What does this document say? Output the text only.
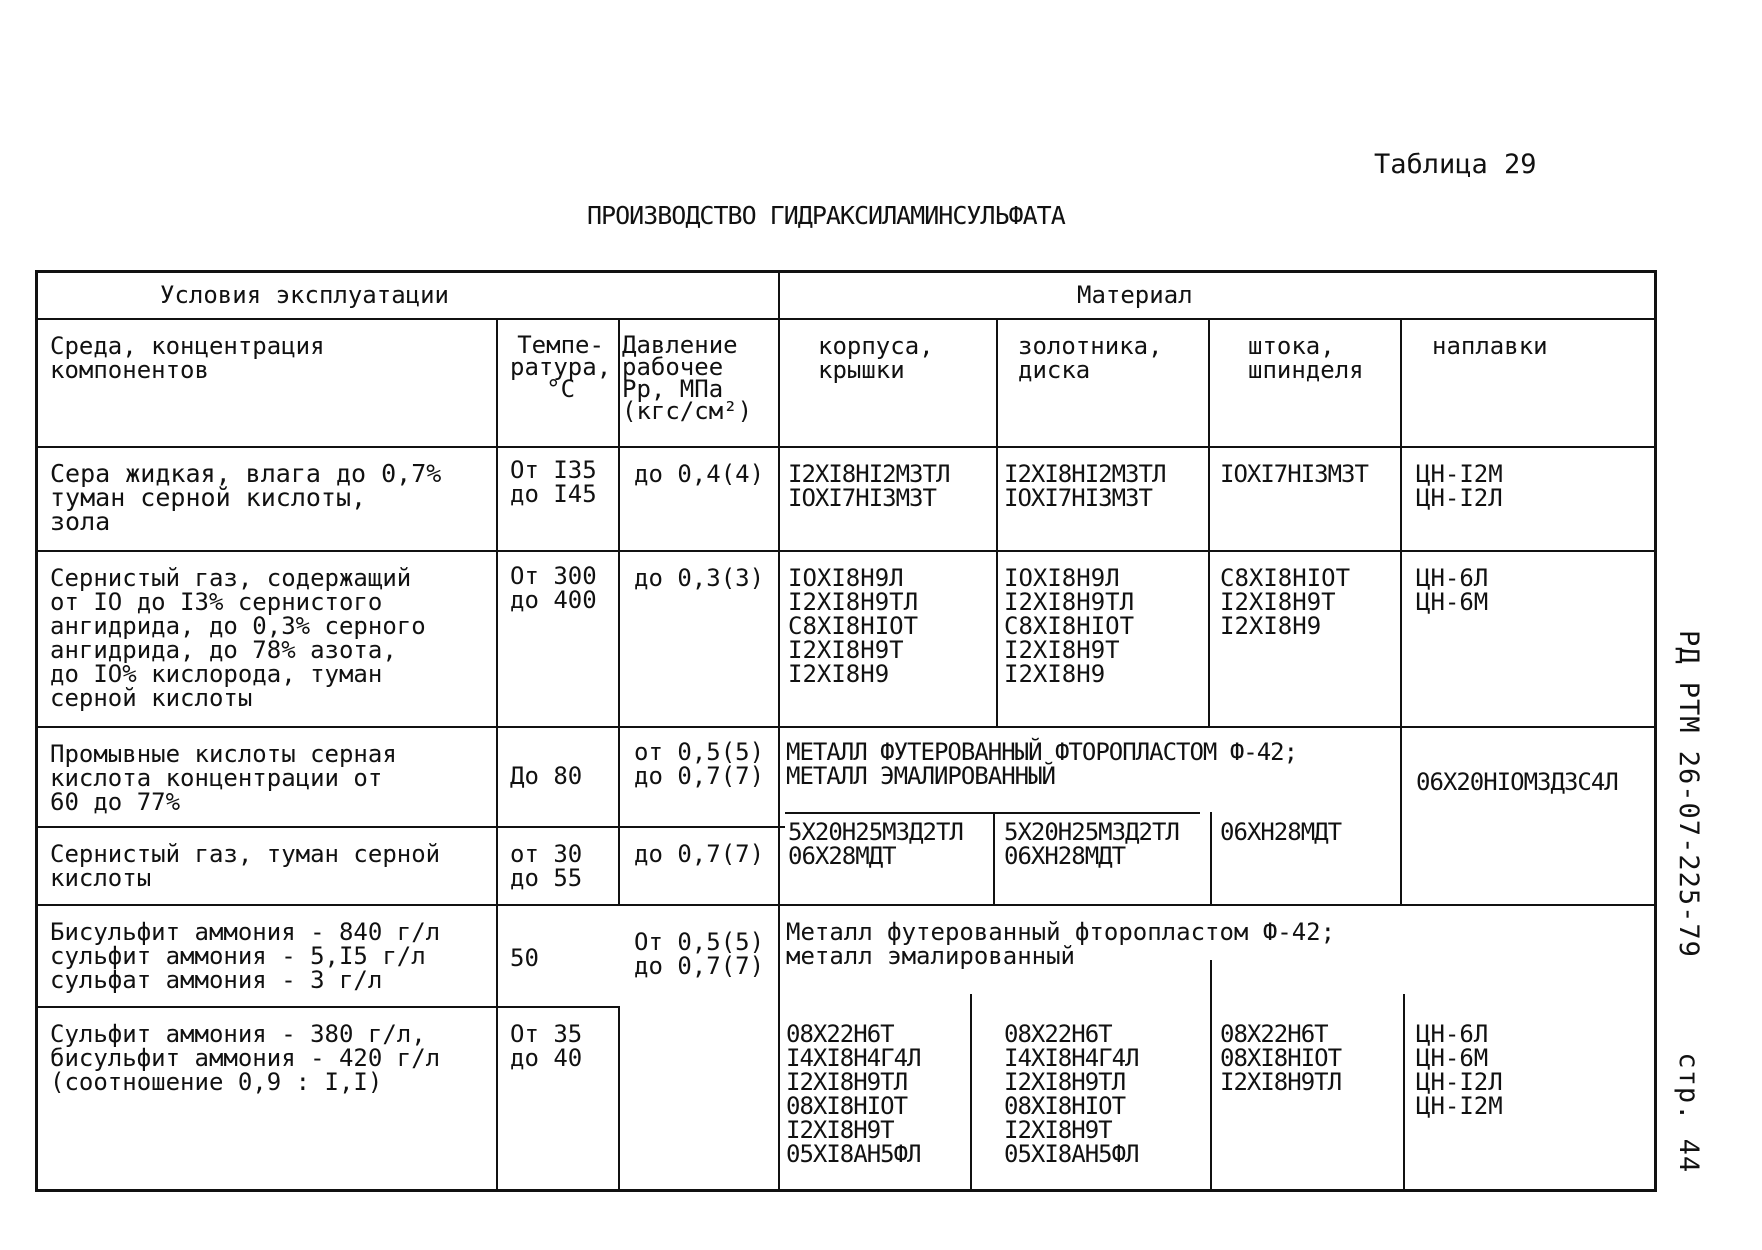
Таблица 29
ПРОИЗВОДСТВО ГИДРАКСИЛАМИНСУЛЬФАТА
Условия эксплуатации	Материал
Среда, концентрация
компонентов
Темпе-
ратура,
°С
Давление
рабочее
Рр, МПа
(кгс/см²)
корпуса,
крышки
золотника,
диска
штока,
шпинделя
наплавки
Сера жидкая, влага до 0,7%
туман серной кислоты,
зола
От I35
до I45
до 0,4(4) I2XI8HI2M3TЛ
IOXI7HI3M3T
I2XI8HI2M3TЛ
IOXI7HI3M3T
IOXI7HI3M3T ЦН-I2M
ЦН-I2Л
Сернистый газ, содержащий
от IO до I3% сернистого
ангидрида, до 0,3% серного
ангидрида, до 78% азота,
до IO% кислорода, туман
серной кислоты
От 300
до 400
до 0,3(3) IOXI8H9Л
I2XI8H9TЛ
C8XI8HIOT
I2XI8H9T
I2XI8H9
IOXI8H9Л
I2XI8H9TЛ
C8XI8HIOT
I2XI8H9T
I2XI8H9
C8XI8HIOT
I2XI8H9T
I2XI8H9
ЦН-6Л
ЦН-6M
Промывные кислоты серная
кислота концентрации от
60 до 77%
До 80
от 0,5(5)
до 0,7(7)
МЕТАЛЛ ФУТЕРОВАННЫЙ ФТОРОПЛАСТОМ Ф-42;
МЕТАЛЛ ЭМАЛИРОВАННЫЙ	06X20HIOM3Д3C4Л
Сернистый газ, туман серной
кислоты
от 30
до 55
до 0,7(7)
5X20H25M3Д2TЛ
06X28MДT
5X20H25M3Д2TЛ
06XH28MДT
06XH28MДT
Бисульфит аммония - 840 г/л
сульфит аммония - 5,I5 г/л
сульфат аммония - 3 г/л
50
От 0,5(5)
до 0,7(7)
Металл футерованный фторопластом Ф-42;
металл эмалированный
Сульфит аммония - 380 г/л,
бисульфит аммония - 420 г/л
(соотношение 0,9 : I,I)
От 35
до 40
08X22H6T
I4XI8H4Г4Л
I2XI8H9TЛ
08XI8HIOT
I2XI8H9T
05XI8AH5ФЛ
08X22H6T
I4XI8H4Г4Л
I2XI8H9TЛ
08XI8HIOT
I2XI8H9T
05XI8AH5ФЛ
08X22H6T
08XI8HIOT
I2XI8H9TЛ
ЦН-6Л
ЦН-6M
ЦН-I2Л
ЦН-I2M
РД РТМ 26-07-225-79  стр. 44
